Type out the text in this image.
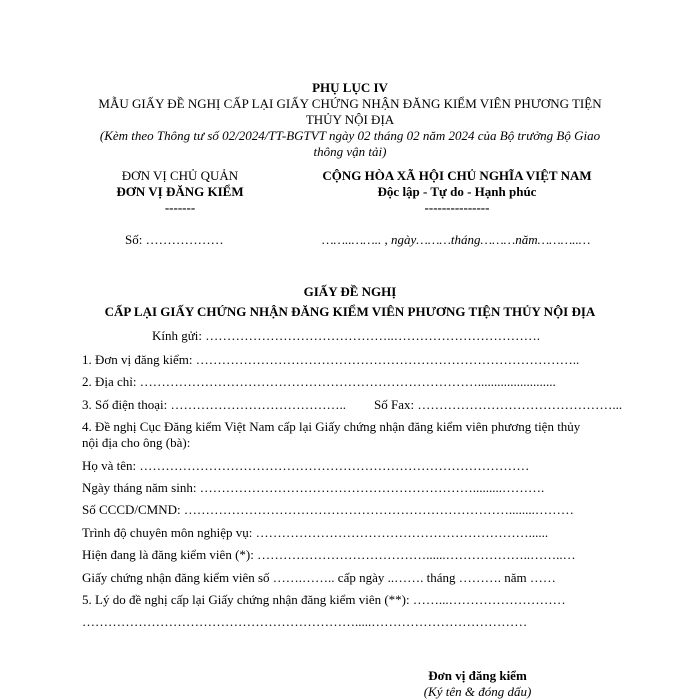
PHỤ LỤC IV
MẪU GIẤY ĐỀ NGHỊ CẤP LẠI GIẤY CHỨNG NHẬN ĐĂNG KIỂM VIÊN PHƯƠNG TIỆN
THỦY NỘI ĐỊA
(Kèm theo Thông tư số 02/2024/TT-BGTVT ngày 02 tháng 02 năm 2024 của Bộ trưởng Bộ Giao
thông vận tải)
ĐƠN VỊ CHỦ QUẢN
ĐƠN VỊ ĐĂNG KIỂM
-------
Số: ………………
CỘNG HÒA XÃ HỘI CHỦ NGHĨA VIỆT NAM
Độc lập - Tự do - Hạnh phúc
---------------
……..…….. , ngày………tháng………năm………..…
GIẤY ĐỀ NGHỊ
CẤP LẠI GIẤY CHỨNG NHẬN ĐĂNG KIỂM VIÊN PHƯƠNG TIỆN THỦY NỘI ĐỊA
Kính gửi: ……………………………………..…………………………….
1. Đơn vị đăng kiểm: ……………………………………………………………………………..
2. Địa chỉ: ……………………………………………………………………........................
3. Số điện thoại: ………………………………….. Số Fax: ………………………………………...
4. Đề nghị Cục Đăng kiểm Việt Nam cấp lại Giấy chứng nhận đăng kiểm viên phương tiện thủy
nội địa cho ông (bà):
Họ và tên: ………………………………………………………………………………
Ngày tháng năm sinh: ……………………………………………………….........……….
Số CCCD/CMND: …………………………………………………………………........………
Trình độ chuyên môn nghiệp vụ: ………………………………………………………......
Hiện đang là đăng kiểm viên (*): …………………………………......………………..……..…
Giấy chứng nhận đăng kiểm viên số …….…….. cấp ngày ..……. tháng ………. năm ……
5. Lý do đề nghị cấp lại Giấy chứng nhận đăng kiểm viên (**): ……...………………………
……………………………………………………….....………………………………
Đơn vị đăng kiểm
(Ký tên & đóng dấu)
